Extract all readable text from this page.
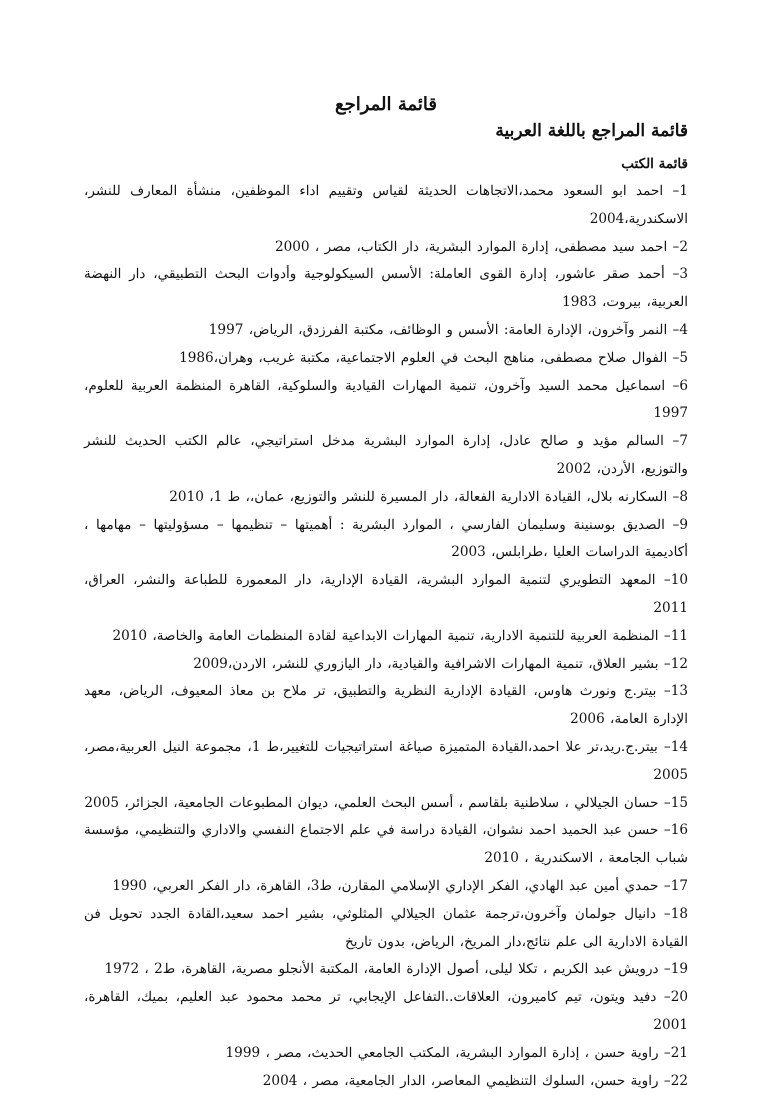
قائمة المراجع
قائمة المراجع باللغة العربية
قائمة الكتب
1– احمد ابو السعود محمد،الاتجاهات الحديثة لقياس وتقييم اداء الموظفين، منشأة المعارف للنشر، الاسكندرية،2004
2– احمد سيد مصطفى، إدارة الموارد البشرية، دار الكتاب، مصر ، 2000
3– أحمد صقر عاشور، إدارة القوى العاملة: الأسس السيكولوجية وأدوات البحث التطبيقي، دار النهضة العربية، بيروت، 1983
4– النمر وآخرون، الإدارة العامة: الأسس و الوظائف، مكتبة الفرزدق، الرياض، 1997
5– الفوال صلاح مصطفى، مناهج البحث في العلوم الاجتماعية، مكتبة غريب، وهران،1986
6– اسماعيل محمد السيد وآخرون، تنمية المهارات القيادية والسلوكية، القاهرة المنظمة العربية للعلوم، 1997
7– السالم مؤيد و صالح عادل، إدارة الموارد البشرية مدخل استراتيجي، عالم الكتب الحديث للنشر والتوزيع، الأردن، 2002
8– السكارنه بلال، القيادة الادارية الفعالة، دار المسيرة للنشر والتوزيع، عمان،، ط 1، 2010
9– الصديق بوسنينة وسليمان الفارسي ، الموارد البشرية : أهميتها – تنظيمها – مسؤوليتها – مهامها ، أكاديمية الدراسات العليا ،طرابلس، 2003
10– المعهد التطويري لتنمية الموارد البشرية، القيادة الإدارية، دار المعمورة للطباعة والنشر، العراق، 2011
11– المنظمة العربية للتنمية الادارية، تنمية المهارات الابداعية لقادة المنظمات العامة والخاصة، 2010
12– بشير العلاق، تنمية المهارات الاشرافية والقيادية، دار اليازوري للنشر، الاردن،2009
13– بيتر.ج ونورث هاوس، القيادة الإدارية النظرية والتطبيق، تر ملاح بن معاذ المعيوف، الرياض، معهد الإدارة العامة، 2006
14– بيتر.ج.ريد،تر علا احمد،القيادة المتميزة صياغة استراتيجيات للتغيير،ط 1، مجموعة النيل العربية،مصر، 2005
15– حسان الجيلالي ، سلاطنية بلقاسم ، أسس البحث العلمي، ديوان المطبوعات الجامعية، الجزائر، 2005
16– حسن عبد الحميد احمد نشوان، القيادة دراسة في علم الاجتماع النفسي والاداري والتنظيمي، مؤسسة شباب الجامعة ، الاسكندرية ، 2010
17– حمدي أمين عبد الهادي، الفكر الإداري الإسلامي المقارن، ط3، القاهرة، دار الفكر العربي، 1990
18– دانيال جولمان وآخرون،ترجمة عثمان الجيلالي المثلوثي، بشير احمد سعيد،القادة الجدد تحويل فن القيادة الادارية الى علم نتائج،دار المريخ، الرياض، بدون تاريخ
19– درويش عبد الكريم ، تكلا ليلى، أصول الإدارة العامة، المكتبة الأنجلو مصرية، القاهرة، ط2 ، 1972
20– دفيد ويتون، تيم كاميرون، العلاقات..التفاعل الإيجابي، تر محمد محمود عبد العليم، بميك، القاهرة، 2001
21– راوية حسن ، إدارة الموارد البشرية، المكتب الجامعي الحديث، مصر ، 1999
22– راوية حسن، السلوك التنظيمي المعاصر، الدار الجامعية، مصر ، 2004
